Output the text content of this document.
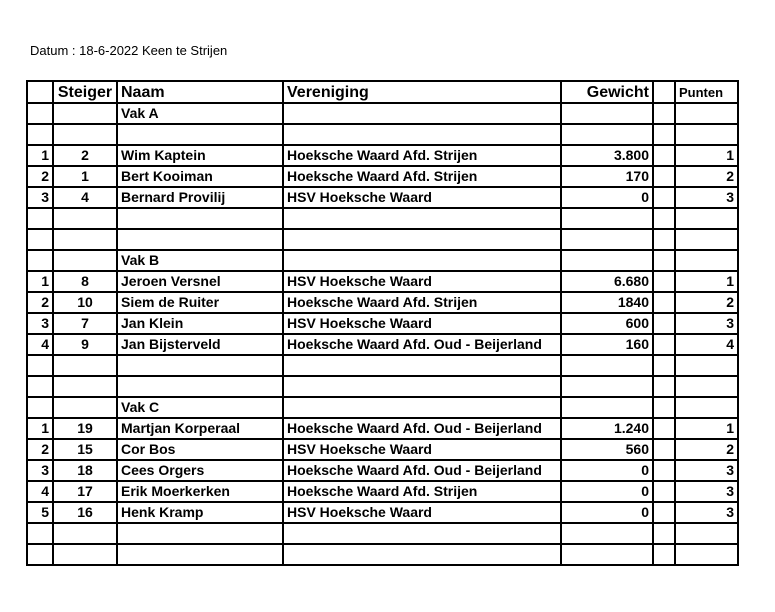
Datum : 18-6-2022 Keen te Strijen
	Steiger	Naam	Vereniging	Gewicht		Punten
		Vak A				

1	2	Wim Kaptein	Hoeksche Waard Afd. Strijen	3.800		1
2	1	Bert Kooiman	Hoeksche Waard Afd. Strijen	170		2
3	4	Bernard Provilij	HSV Hoeksche Waard	0		3

		Vak B				
1	8	Jeroen Versnel	HSV Hoeksche Waard	6.680		1
2	10	Siem de Ruiter	Hoeksche Waard Afd. Strijen	1840		2
3	7	Jan Klein	HSV Hoeksche Waard	600		3
4	9	Jan Bijsterveld	Hoeksche Waard Afd. Oud - Beijerland	160		4

		Vak C				
1	19	Martjan Korperaal	Hoeksche Waard Afd. Oud - Beijerland	1.240		1
2	15	Cor Bos	HSV Hoeksche Waard	560		2
3	18	Cees Orgers	Hoeksche Waard Afd. Oud - Beijerland	0		3
4	17	Erik Moerkerken	Hoeksche Waard Afd. Strijen	0		3
5	16	Henk Kramp	HSV Hoeksche Waard	0		3
